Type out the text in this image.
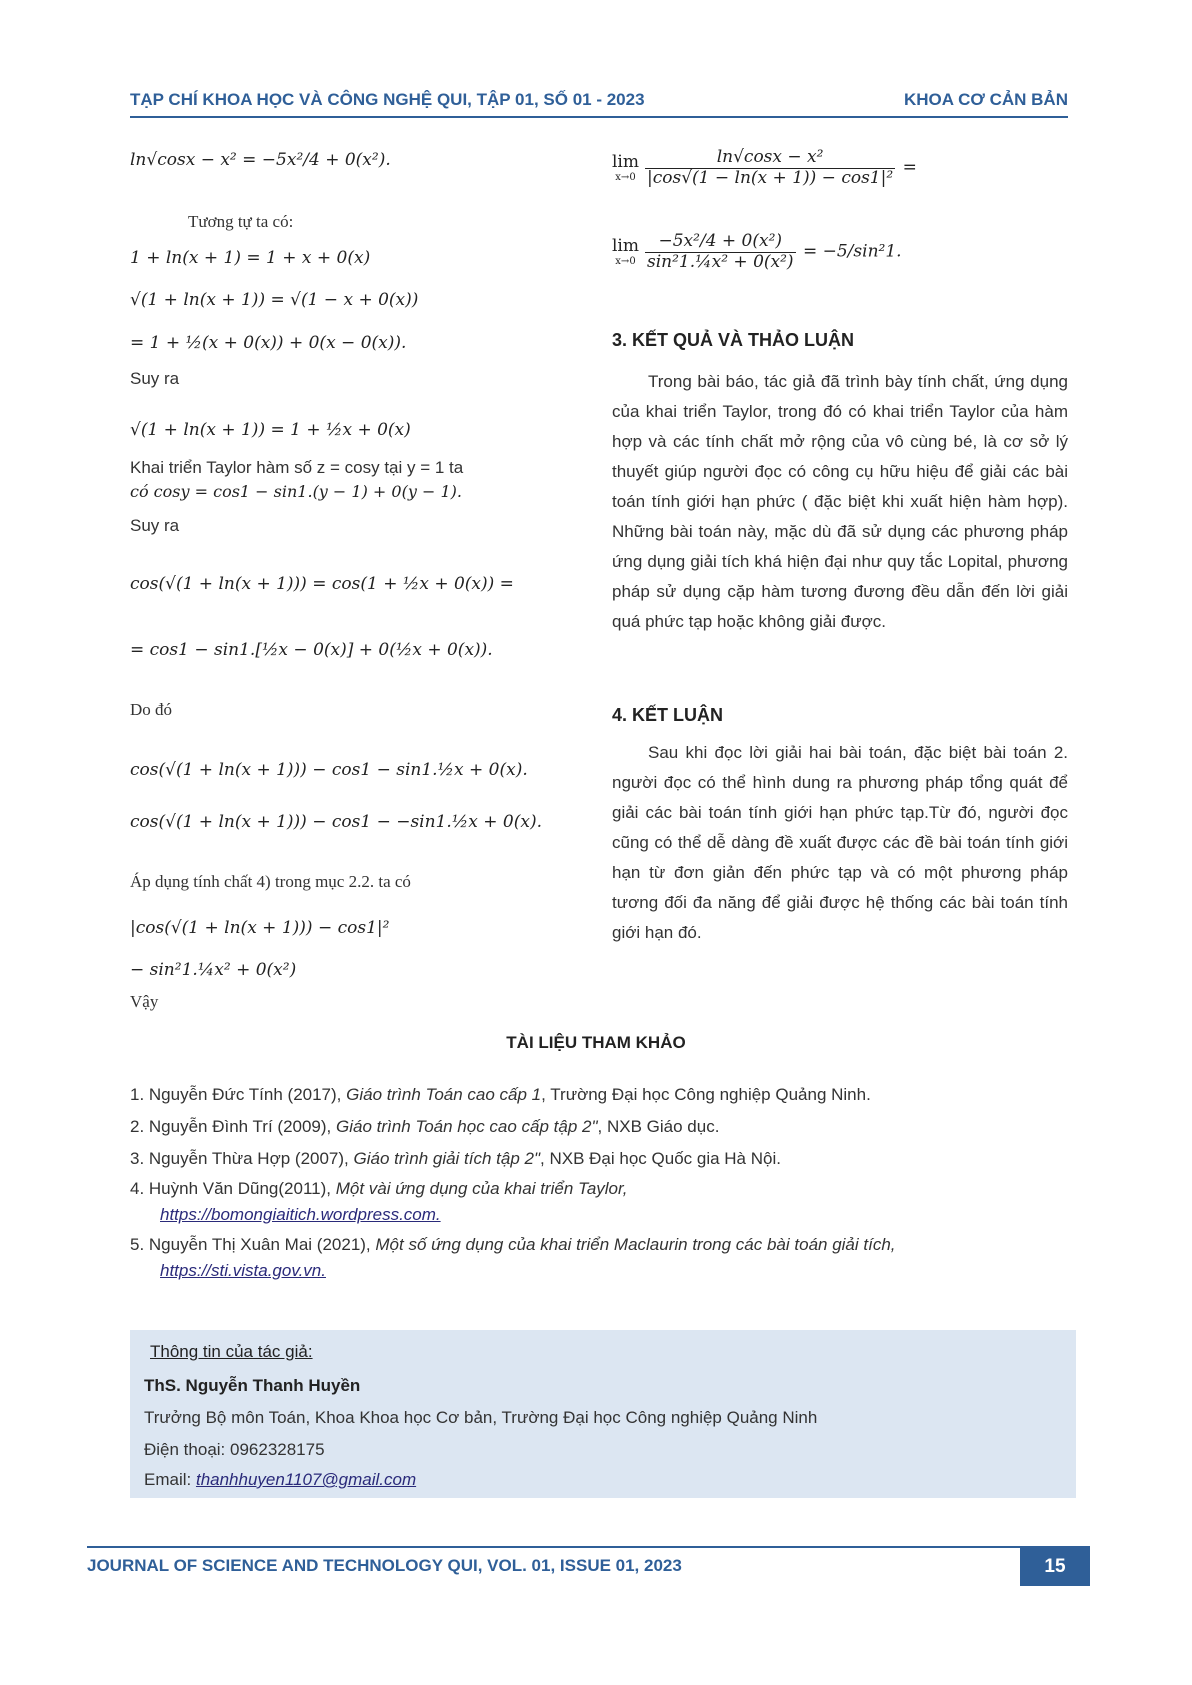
TẠP CHÍ KHOA HỌC VÀ CÔNG NGHỆ QUI, TẬP 01, SỐ 01 - 2023	KHOA CƠ CẢN BẢN
ln√cosx − x² = −5x²/4 + 0(x²).
Tương tự ta có:
1 + ln(x + 1) = 1 + x + 0(x)
√(1 + ln(x + 1)) = √(1 − x + 0(x))
= 1 + ½(x + 0(x)) + 0(x − 0(x)).
Suy ra
√(1 + ln(x + 1)) = 1 + ½x + 0(x)
Khai triển Taylor hàm số z = cosy tại y = 1 ta
có cosy = cos1 − sin1.(y − 1) + 0(y − 1).
Suy ra
cos(√(1 + ln(x + 1))) = cos(1 + ½x + 0(x)) =
= cos1 − sin1.[½x − 0(x)] + 0(½x + 0(x)).
Do đó
cos(√(1 + ln(x + 1))) − cos1 − sin1.½x + 0(x).
cos(√(1 + ln(x + 1))) − cos1 − −sin1.½x + 0(x).
Áp dụng tính chất 4) trong mục 2.2. ta có
|cos(√(1 + ln(x + 1))) − cos1|²
− sin²1.¼x² + 0(x²)
Vậy
lim
$x\to 0 \frac{\text{ln√cosx − x²}}{\text{|cos√(1 − ln(x + 1)) − cos1|²}}$ =
lim
$x\to 0 \frac{\text{−5x²/4 + 0(x²)}}{\text{sin²1.¼x² + 0(x²)}} = -5/\sin^21$.
3. KẾT QUẢ VÀ THẢO LUẬN
Trong bài báo, tác giả đã trình bày tính chất, ứng dụng của khai triển Taylor, trong đó có khai triển Taylor của hàm hợp và các tính chất mở rộng của vô cùng bé, là cơ sở lý thuyết giúp người đọc có công cụ hữu hiệu để giải các bài toán tính giới hạn phức ( đặc biệt khi xuất hiện hàm hợp). Những bài toán này, mặc dù đã sử dụng các phương pháp ứng dụng giải tích khá hiện đại như quy tắc Lopital, phương pháp sử dụng cặp hàm tương đương đều dẫn đến lời giải quá phức tạp hoặc không giải được.
4. KẾT LUẬN
Sau khi đọc lời giải hai bài toán, đặc biệt bài toán 2. người đọc có thể hình dung ra phương pháp tổng quát để giải các bài toán tính giới hạn phức tạp.Từ đó, người đọc cũng có thể dễ dàng đề xuất được các đề bài toán tính giới hạn từ đơn giản đến phức tạp và có một phương pháp tương đối đa năng để giải được hệ thống các bài toán tính giới hạn đó.
TÀI LIỆU THAM KHẢO
1. Nguyễn Đức Tính (2017), Giáo trình Toán cao cấp 1, Trường Đại học Công nghiệp Quảng Ninh.
2. Nguyễn Đình Trí (2009), Giáo trình Toán học cao cấp tập 2", NXB Giáo dục.
3. Nguyễn Thừa Hợp (2007), Giáo trình giải tích tập 2", NXB Đại học Quốc gia Hà Nội.
4. Huỳnh Văn Dũng(2011), Một vài ứng dụng của khai triển Taylor,
https://bomongiaitich.wordpress.com.
5. Nguyễn Thị Xuân Mai (2021), Một số ứng dụng của khai triển Maclaurin trong các bài toán giải tích,
https://sti.vista.gov.vn.
Thông tin của tác giả:
ThS. Nguyễn Thanh Huyền
Trưởng Bộ môn Toán, Khoa Khoa học Cơ bản, Trường Đại học Công nghiệp Quảng Ninh
Điện thoại: 0962328175
Email: thanhhuyen1107@gmail.com
JOURNAL OF SCIENCE AND TECHNOLOGY QUI, VOL. 01, ISSUE 01, 2023	15
